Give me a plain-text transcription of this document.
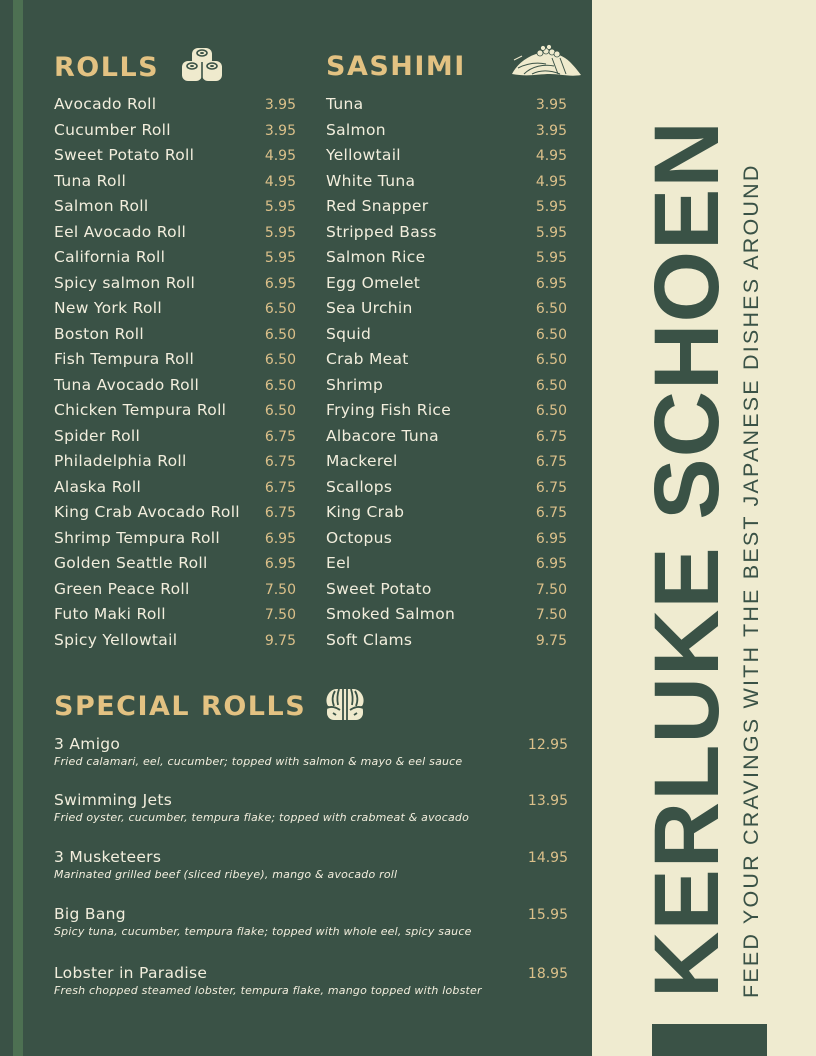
ROLLS	SASHIMI
Avocado Roll	3.95
Cucumber Roll	3.95
Sweet Potato Roll	4.95
Tuna Roll	4.95
Salmon Roll	5.95
Eel Avocado Roll	5.95
California Roll	5.95
Spicy salmon Roll	6.95
New York Roll	6.50
Boston Roll	6.50
Fish Tempura Roll	6.50
Tuna Avocado Roll	6.50
Chicken Tempura Roll	6.50
Spider Roll	6.75
Philadelphia Roll	6.75
Alaska Roll	6.75
King Crab Avocado Roll 6.75
Shrimp Tempura Roll	6.95
Golden Seattle Roll	6.95
Green Peace Roll	7.50
Futo Maki Roll	7.50
Spicy Yellowtail	9.75
Tuna	3.95
Salmon	3.95
Yellowtail	4.95
White Tuna	4.95
Red Snapper	5.95
Stripped Bass	5.95
Salmon Rice	5.95
Egg Omelet	6.95
Sea Urchin	6.50
Squid	6.50
Crab Meat	6.50
Shrimp	6.50
Frying Fish Rice	6.50
Albacore Tuna	6.75
Mackerel	6.75
Scallops	6.75
King Crab	6.75
Octopus	6.95
Eel	6.95
Sweet Potato	7.50
Smoked Salmon	7.50
Soft Clams	9.75
SPECIAL ROLLS
3 Amigo	12.95
Fried calamari, eel, cucumber; topped with salmon & mayo & eel sauce
Swimming Jets	13.95
Fried oyster, cucumber, tempura flake; topped with crabmeat & avocado
3 Musketeers	14.95
Marinated grilled beef (sliced ribeye), mango & avocado roll
Big Bang	15.95
Spicy tuna, cucumber, tempura flake; topped with whole eel, spicy sauce
Lobster in Paradise	18.95
Fresh chopped steamed lobster, tempura flake, mango topped with lobster	KERLUKE SCHOEN FEED YOUR CRAVINGS WITH THE BEST JAPANESE DISHES AROUND
